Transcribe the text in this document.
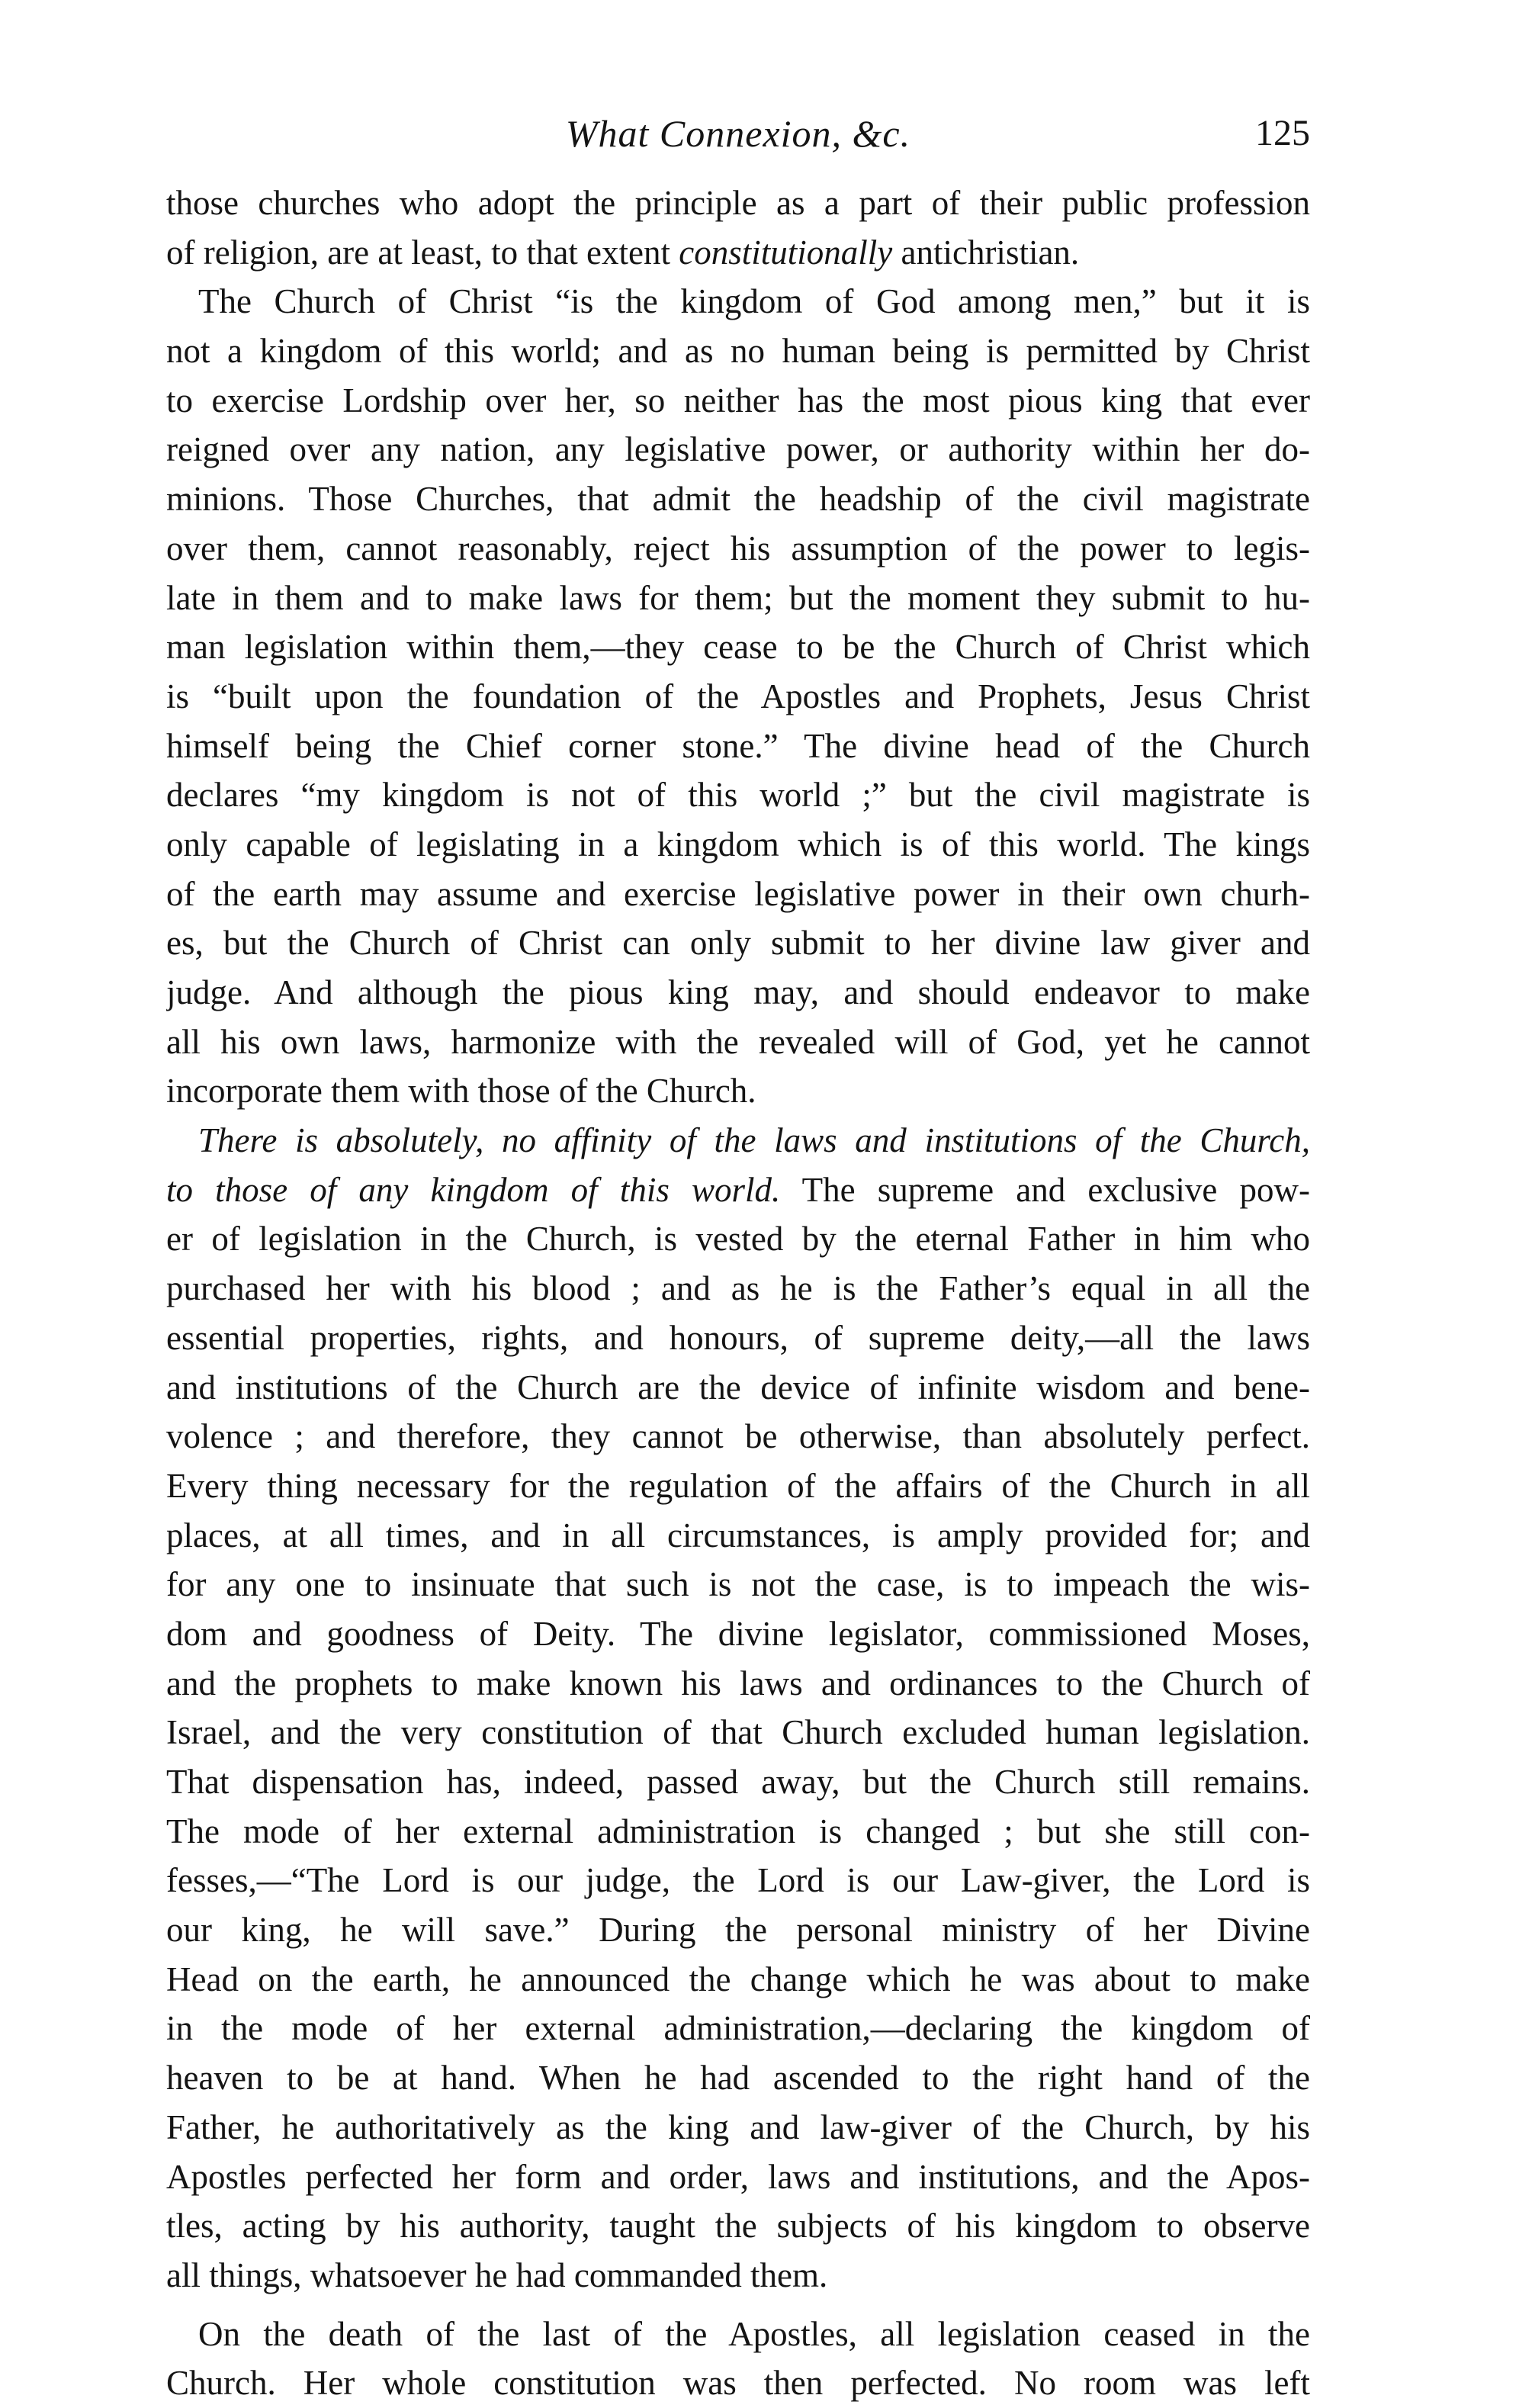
What Connexion, &c.	125
those churches who adopt the principle as a part of their public profession
of religion, are at least, to that extent constitutionally antichristian.
The Church of Christ “is the kingdom of God among men,” but it is
not a kingdom of this world; and as no human being is permitted by Christ
to exercise Lordship over her, so neither has the most pious king that ever
reigned over any nation, any legislative power, or authority within her do-
minions. Those Churches, that admit the headship of the civil magistrate
over them, cannot reasonably, reject his assumption of the power to legis-
late in them and to make laws for them; but the moment they submit to hu-
man legislation within them,—they cease to be the Church of Christ which
is “built upon the foundation of the Apostles and Prophets, Jesus Christ
himself being the Chief corner stone.” The divine head of the Church
declares “my kingdom is not of this world ;” but the civil magistrate is
only capable of legislating in a kingdom which is of this world. The kings
of the earth may assume and exercise legislative power in their own churh-
es, but the Church of Christ can only submit to her divine law giver and
judge. And although the pious king may, and should endeavor to make
all his own laws, harmonize with the revealed will of God, yet he cannot
incorporate them with those of the Church.
There is absolutely, no affinity of the laws and institutions of the Church,
to those of any kingdom of this world. The supreme and exclusive pow-
er of legislation in the Church, is vested by the eternal Father in him who
purchased her with his blood ; and as he is the Father’s equal in all the
essential properties, rights, and honours, of supreme deity,—all the laws
and institutions of the Church are the device of infinite wisdom and bene-
volence ; and therefore, they cannot be otherwise, than absolutely perfect.
Every thing necessary for the regulation of the affairs of the Church in all
places, at all times, and in all circumstances, is amply provided for; and
for any one to insinuate that such is not the case, is to impeach the wis-
dom and goodness of Deity. The divine legislator, commissioned Moses,
and the prophets to make known his laws and ordinances to the Church of
Israel, and the very constitution of that Church excluded human legislation.
That dispensation has, indeed, passed away, but the Church still remains.
The mode of her external administration is changed ; but she still con-
fesses,—“The Lord is our judge, the Lord is our Law-giver, the Lord is
our king, he will save.” During the personal ministry of her Divine
Head on the earth, he announced the change which he was about to make
in the mode of her external administration,—declaring the kingdom of
heaven to be at hand. When he had ascended to the right hand of the
Father, he authoritatively as the king and law-giver of the Church, by his
Apostles perfected her form and order, laws and institutions, and the Apos-
tles, acting by his authority, taught the subjects of his kingdom to observe
all things, whatsoever he had commanded them.
On the death of the last of the Apostles, all legislation ceased in the
Church. Her whole constitution was then perfected. No room was left
